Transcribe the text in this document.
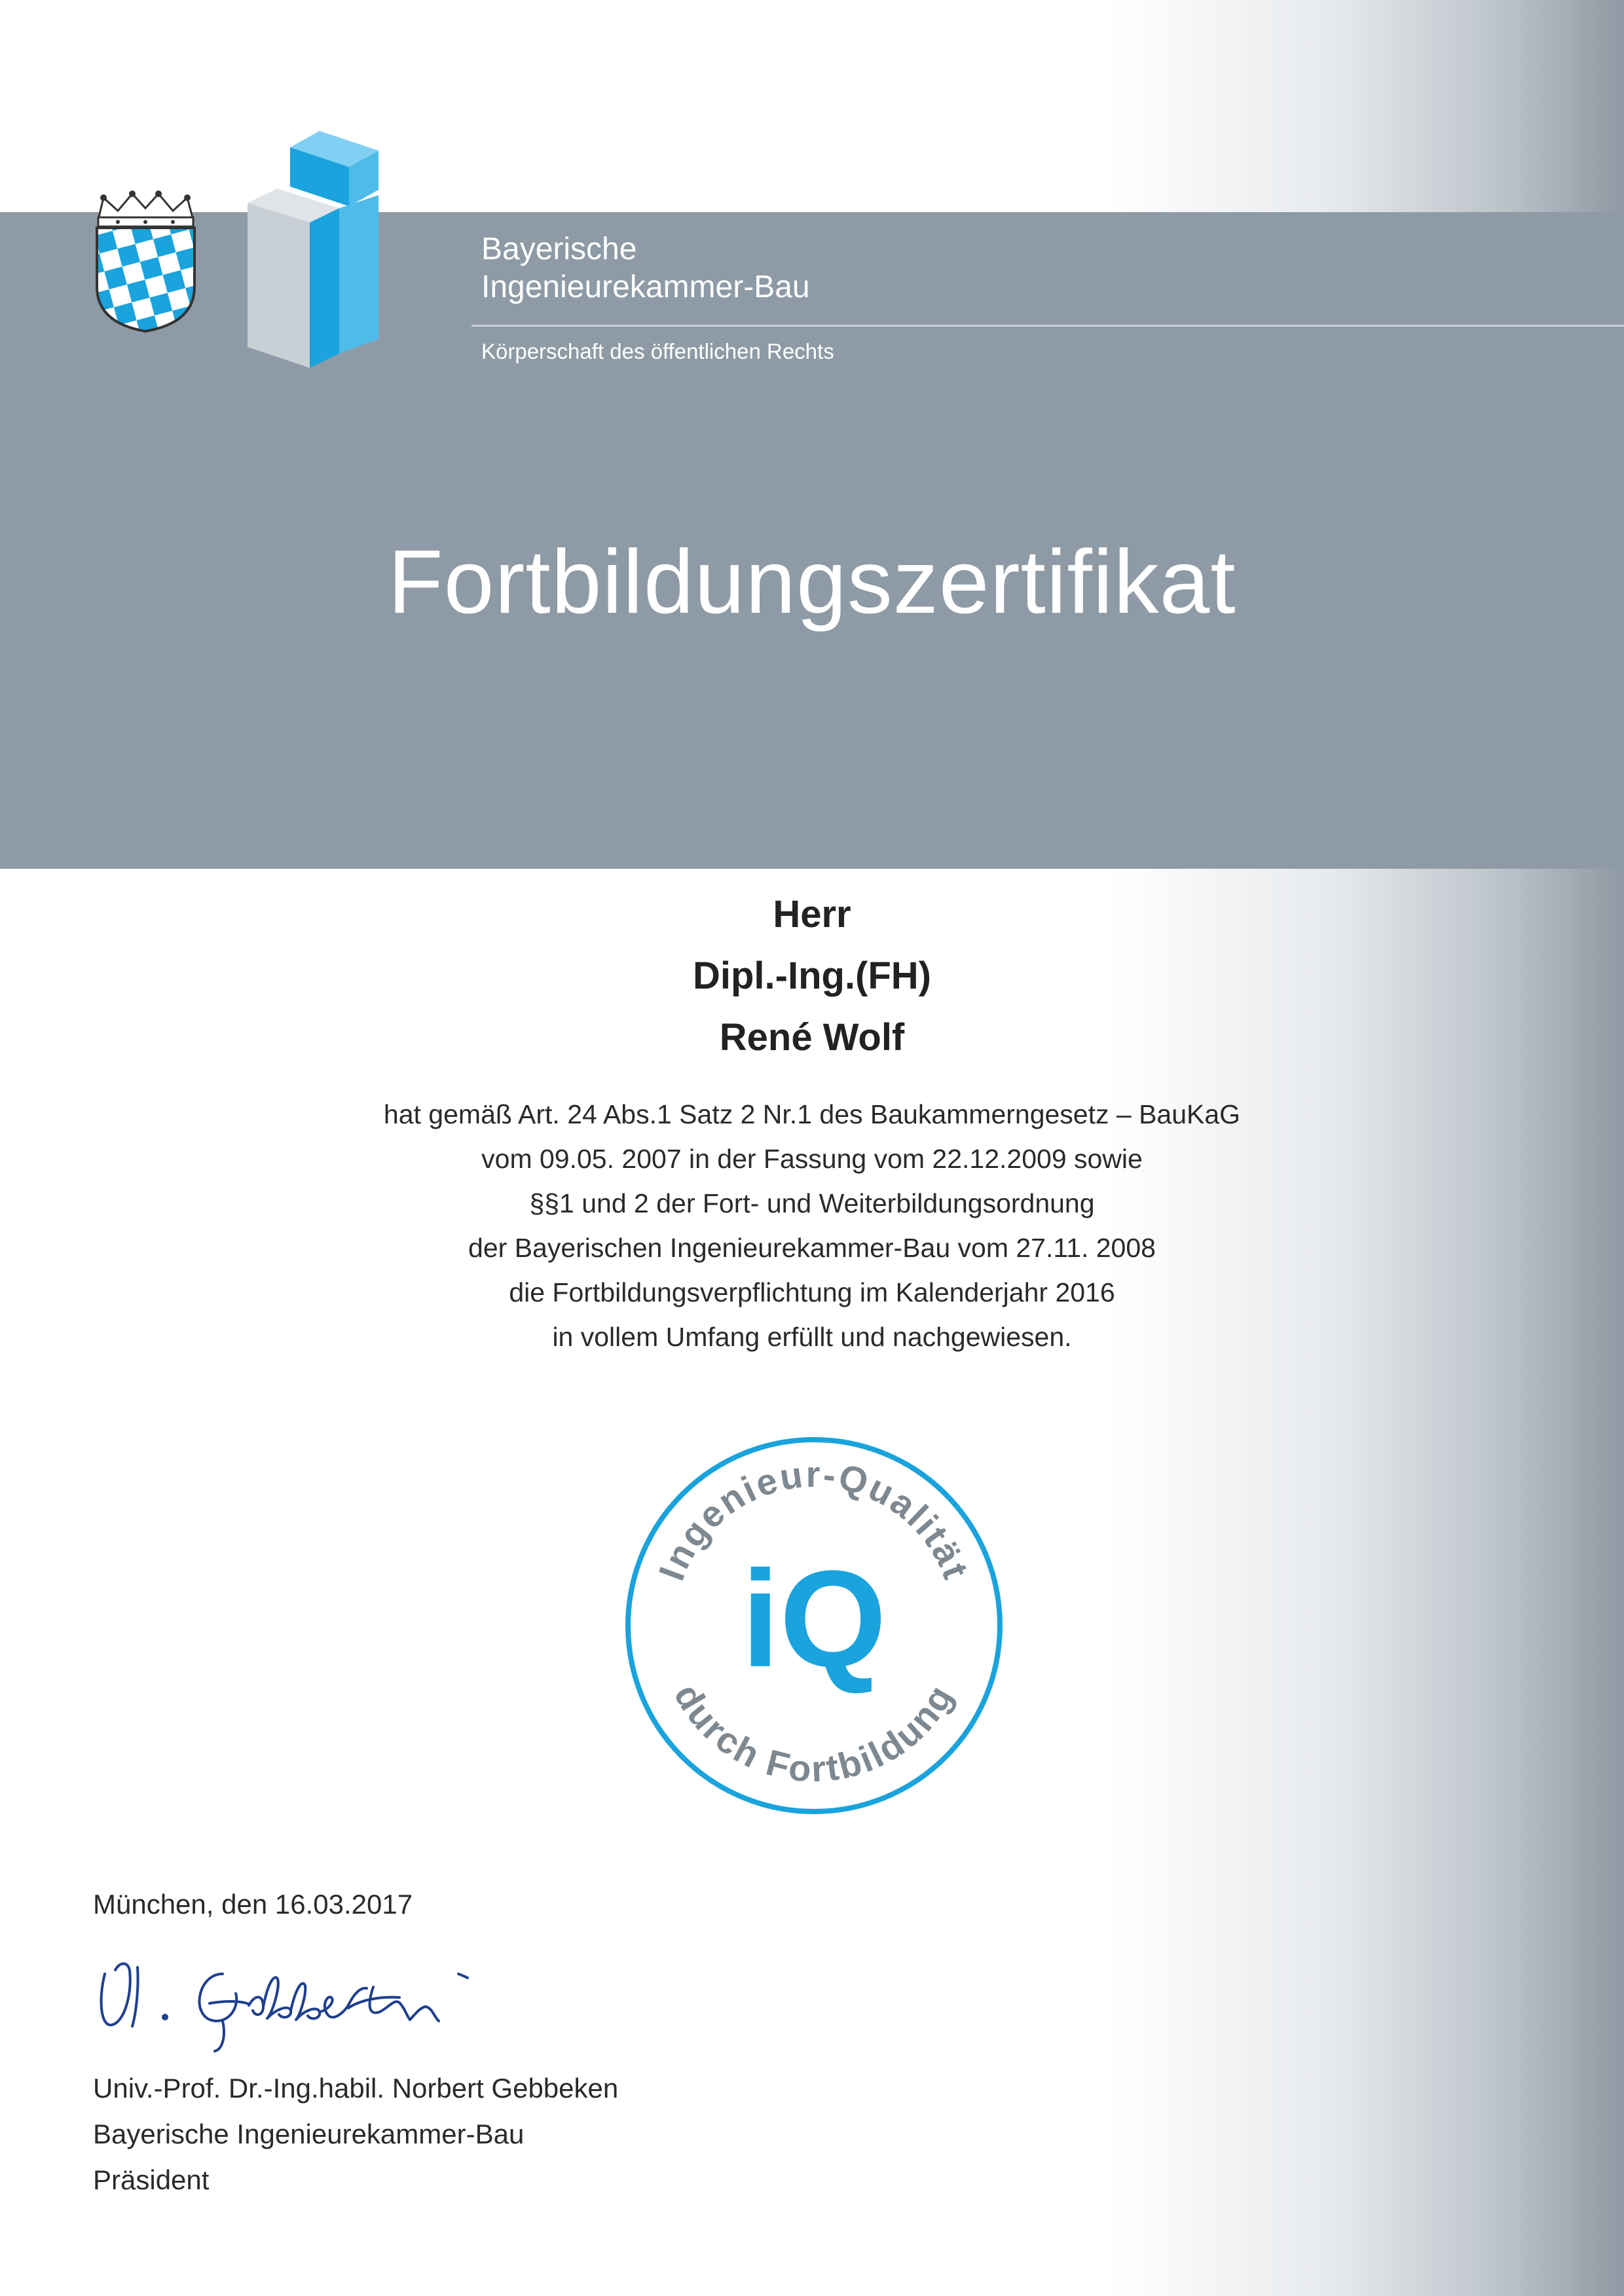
Bayerische
Ingenieurekammer-Bau
Körperschaft des öffentlichen Rechts
Fortbildungszertifikat
Herr
Dipl.-Ing.(FH)
René Wolf
hat gemäß Art. 24 Abs.1 Satz 2 Nr.1 des Baukammerngesetz – BauKaG
vom 09.05. 2007 in der Fassung vom 22.12.2009 sowie
§§1 und 2 der Fort- und Weiterbildungsordnung
der Bayerischen Ingenieurekammer-Bau vom 27.11. 2008
die Fortbildungsverpflichtung im Kalenderjahr 2016
in vollem Umfang erfüllt und nachgewiesen.
Ingenieur-Qualität
durch Fortbildung
iQ
München, den 16.03.2017
Univ.-Prof. Dr.-Ing.habil. Norbert Gebbeken
Bayerische Ingenieurekammer-Bau
Präsident
